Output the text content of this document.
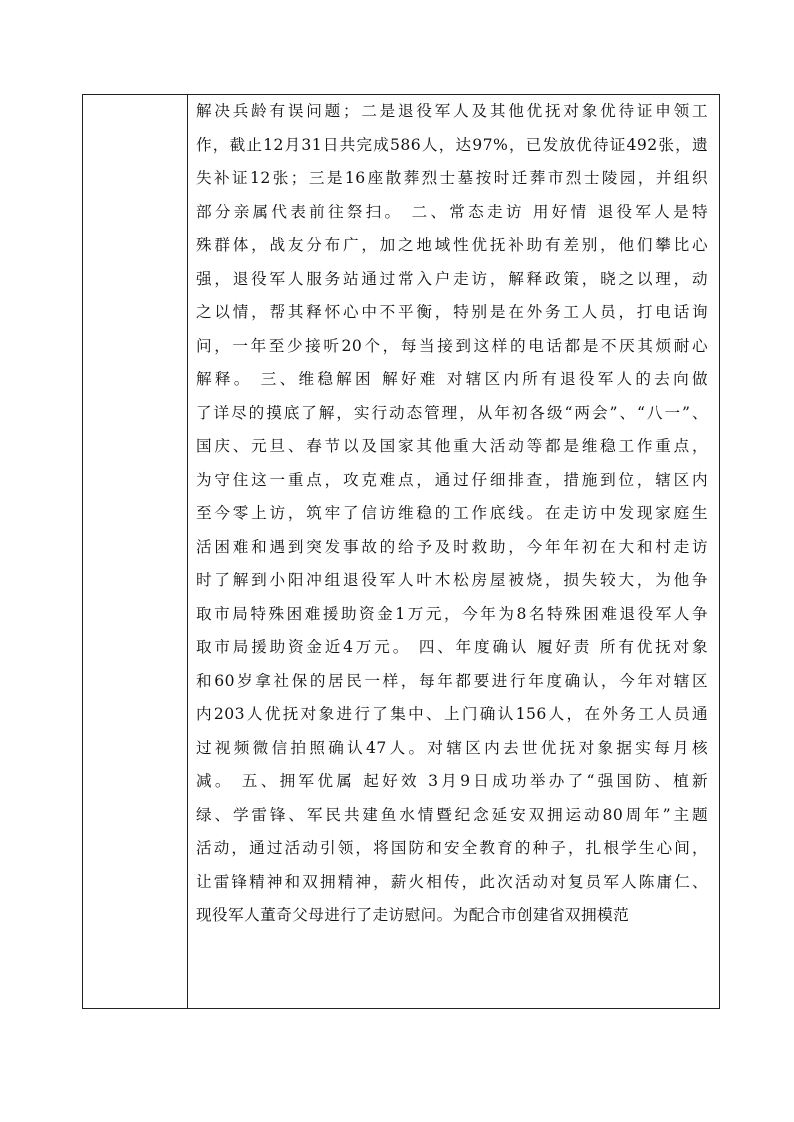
解决兵龄有误问题；二是退役军人及其他优抚对象优待证申领工
作，截止12月31日共完成586人，达97%，已发放优待证492张，遗
失补证12张；三是16座散葬烈士墓按时迁葬市烈士陵园，并组织
部分亲属代表前往祭扫。 二、常态走访 用好情 退役军人是特
殊群体，战友分布广，加之地域性优抚补助有差别，他们攀比心
强，退役军人服务站通过常入户走访，解释政策，晓之以理，动
之以情，帮其释怀心中不平衡，特别是在外务工人员，打电话询
问，一年至少接听20个，每当接到这样的电话都是不厌其烦耐心
解释。 三、维稳解困 解好难 对辖区内所有退役军人的去向做
了详尽的摸底了解，实行动态管理，从年初各级“两会”、“八一”、
国庆、元旦、春节以及国家其他重大活动等都是维稳工作重点，
为守住这一重点，攻克难点，通过仔细排查，措施到位，辖区内
至今零上访，筑牢了信访维稳的工作底线。在走访中发现家庭生
活困难和遇到突发事故的给予及时救助，今年年初在大和村走访
时了解到小阳冲组退役军人叶木松房屋被烧，损失较大，为他争
取市局特殊困难援助资金1万元，今年为8名特殊困难退役军人争
取市局援助资金近4万元。 四、年度确认 履好责 所有优抚对象
和60岁拿社保的居民一样，每年都要进行年度确认，今年对辖区
内203人优抚对象进行了集中、上门确认156人，在外务工人员通
过视频微信拍照确认47人。对辖区内去世优抚对象据实每月核
减。 五、拥军优属 起好效 3月9日成功举办了“强国防、植新
绿、学雷锋、军民共建鱼水情暨纪念延安双拥运动80周年”主题
活动，通过活动引领，将国防和安全教育的种子，扎根学生心间，
让雷锋精神和双拥精神，薪火相传，此次活动对复员军人陈庸仁、
现役军人董奇父母进行了走访慰问。为配合市创建省双拥模范
